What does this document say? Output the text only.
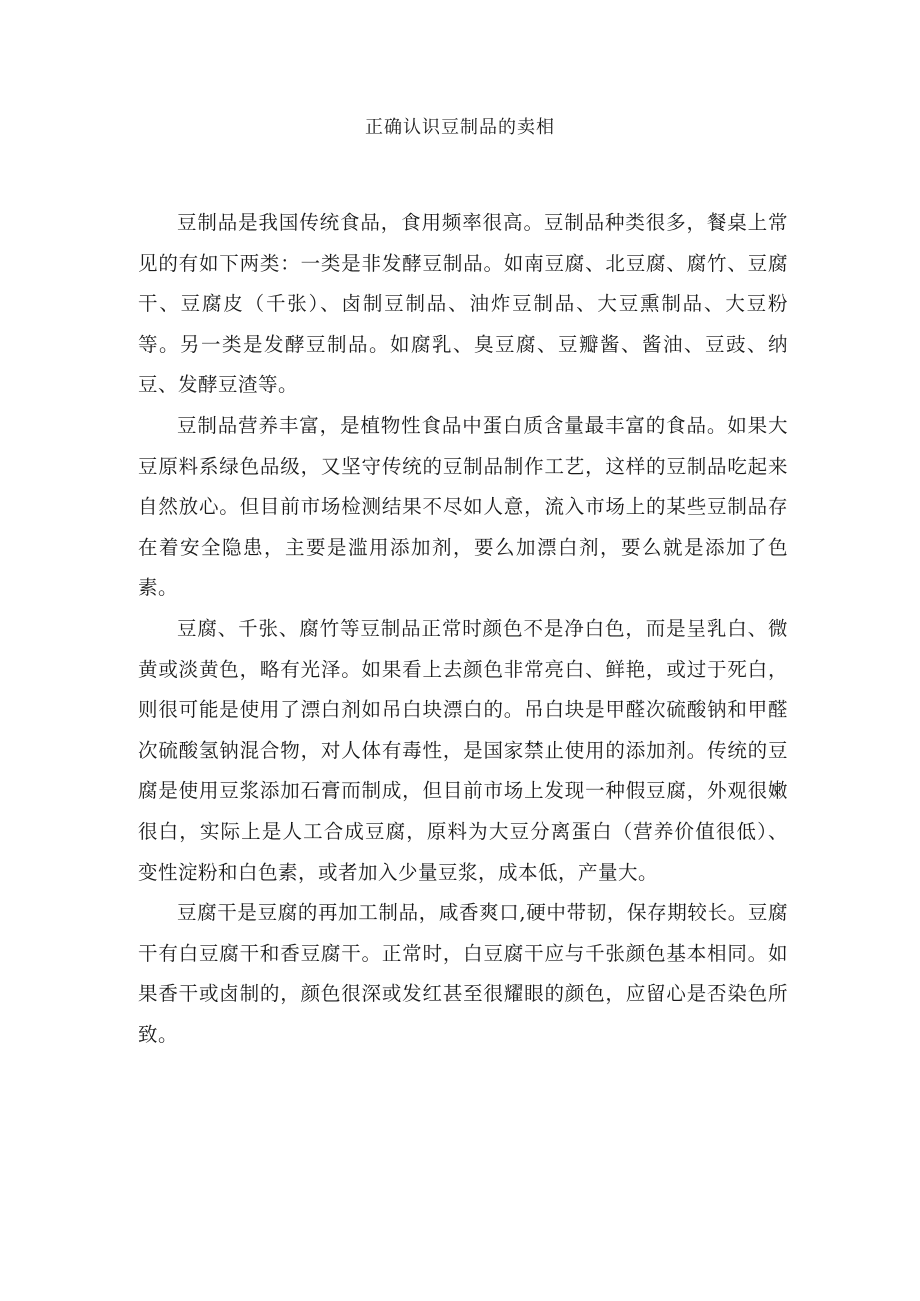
正确认识豆制品的卖相

豆制品是我国传统食品，食用频率很高。豆制品种类很多，餐桌上常见的有如下两类：一类是非发酵豆制品。如南豆腐、北豆腐、腐竹、豆腐干、豆腐皮（千张）、卤制豆制品、油炸豆制品、大豆熏制品、大豆粉等。另一类是发酵豆制品。如腐乳、臭豆腐、豆瓣酱、酱油、豆豉、纳豆、发酵豆渣等。

豆制品营养丰富，是植物性食品中蛋白质含量最丰富的食品。如果大豆原料系绿色品级，又坚守传统的豆制品制作工艺，这样的豆制品吃起来自然放心。但目前市场检测结果不尽如人意，流入市场上的某些豆制品存在着安全隐患，主要是滥用添加剂，要么加漂白剂，要么就是添加了色素。

豆腐、千张、腐竹等豆制品正常时颜色不是净白色，而是呈乳白、微黄或淡黄色，略有光泽。如果看上去颜色非常亮白、鲜艳，或过于死白，则很可能是使用了漂白剂如吊白块漂白的。吊白块是甲醛次硫酸钠和甲醛次硫酸氢钠混合物，对人体有毒性，是国家禁止使用的添加剂。传统的豆腐是使用豆浆添加石膏而制成，但目前市场上发现一种假豆腐，外观很嫩很白，实际上是人工合成豆腐，原料为大豆分离蛋白（营养价值很低）、变性淀粉和白色素，或者加入少量豆浆，成本低，产量大。

豆腐干是豆腐的再加工制品，咸香爽口,硬中带韧，保存期较长。豆腐干有白豆腐干和香豆腐干。正常时，白豆腐干应与千张颜色基本相同。如果香干或卤制的，颜色很深或发红甚至很耀眼的颜色，应留心是否染色所致。
